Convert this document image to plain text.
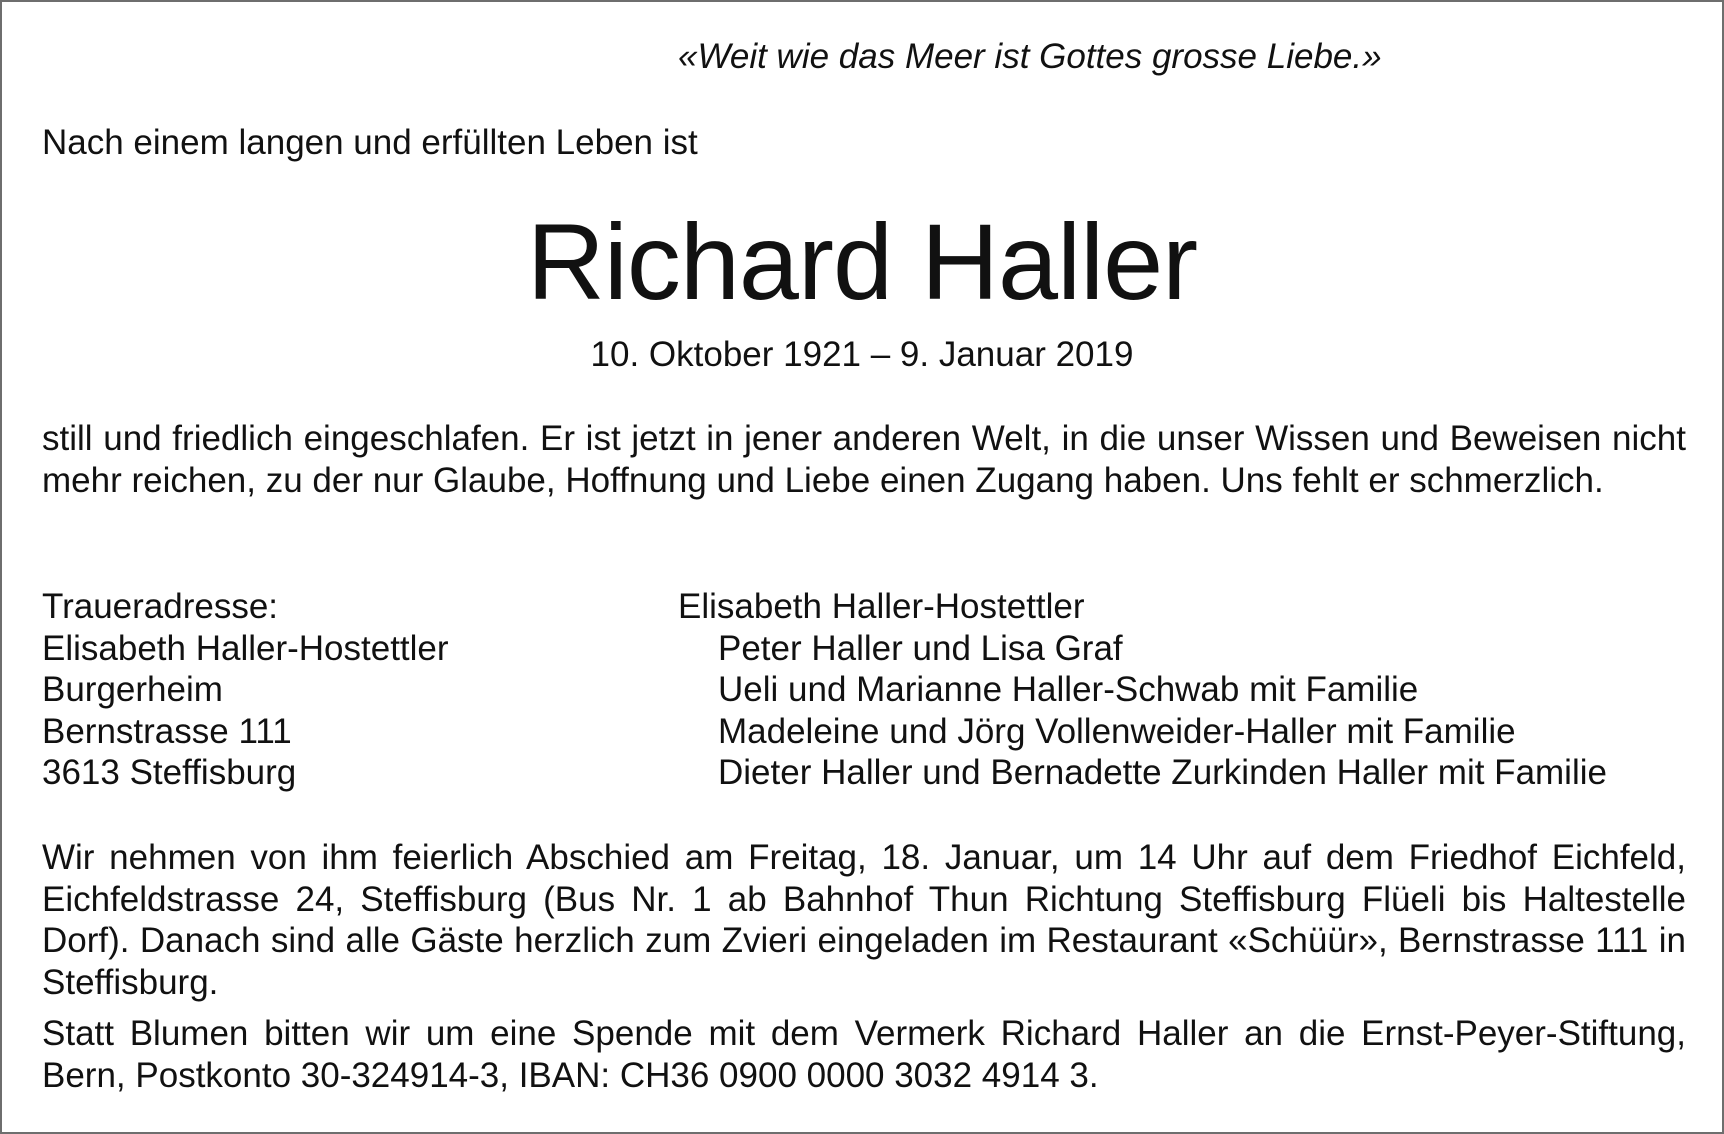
«Weit wie das Meer ist Gottes grosse Liebe.»
Nach einem langen und erfüllten Leben ist
Richard Haller
10. Oktober 1921 – 9. Januar 2019
still und friedlich eingeschlafen. Er ist jetzt in jener anderen Welt, in die unser Wissen und Beweisen nicht mehr reichen, zu der nur Glaube, Hoffnung und Liebe einen Zugang haben. Uns fehlt er schmerzlich.
Traueradresse:
Elisabeth Haller-Hostettler
Burgerheim
Bernstrasse 111
3613 Steffisburg
Elisabeth Haller-Hostettler
Peter Haller und Lisa Graf
Ueli und Marianne Haller-Schwab mit Familie
Madeleine und Jörg Vollenweider-Haller mit Familie
Dieter Haller und Bernadette Zurkinden Haller mit Familie
Wir nehmen von ihm feierlich Abschied am Freitag, 18. Januar, um 14 Uhr auf dem Friedhof Eichfeld, Eichfeldstrasse 24, Steffisburg (Bus Nr. 1 ab Bahnhof Thun Richtung Steffisburg Flüeli bis Haltestelle Dorf). Danach sind alle Gäste herzlich zum Zvieri eingeladen im Restaurant «Schüür», Bernstrasse 111 in Steffisburg.
Statt Blumen bitten wir um eine Spende mit dem Vermerk Richard Haller an die Ernst-Peyer-Stiftung, Bern, Postkonto 30-324914-3, IBAN: CH36 0900 0000 3032 4914 3.
